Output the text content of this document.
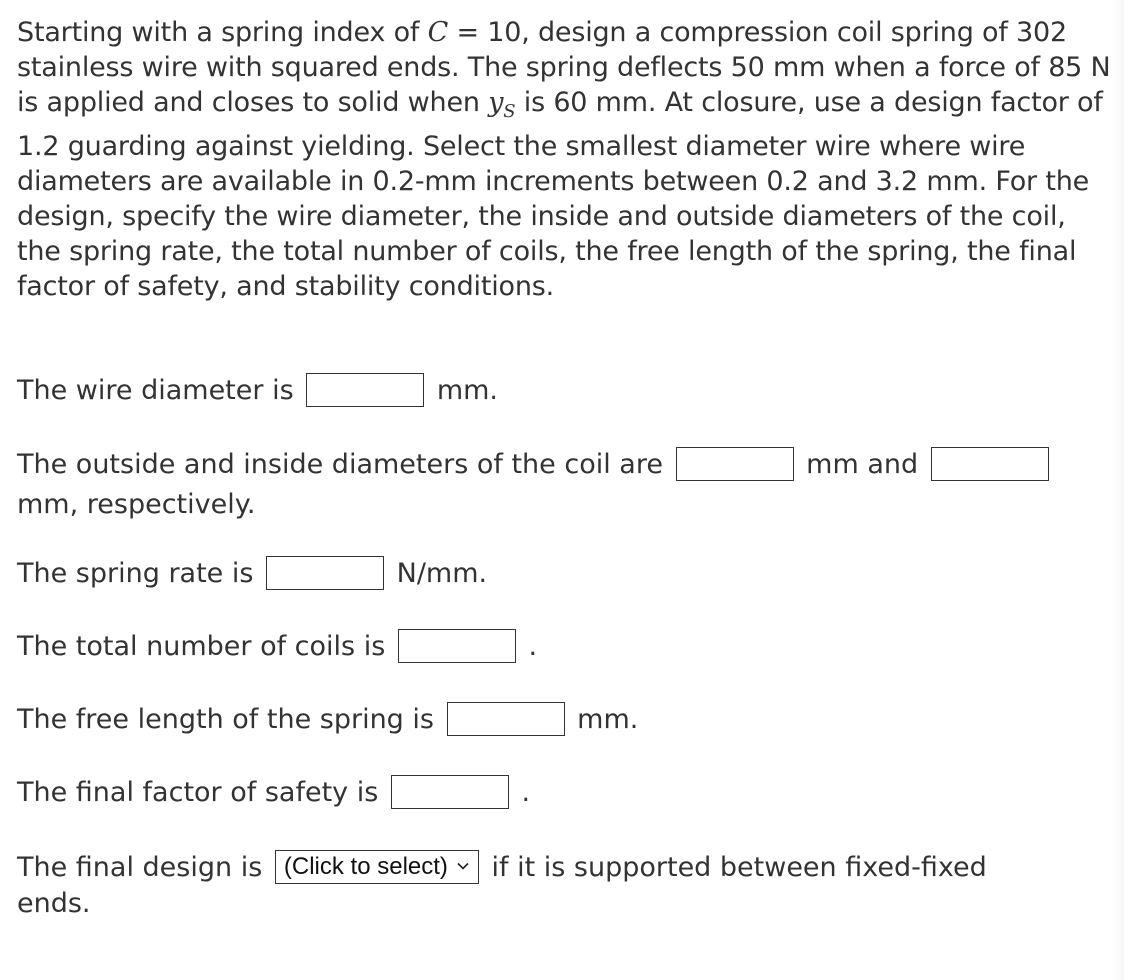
Starting with a spring index of C = 10, design a compression coil spring of 302 stainless wire with squared ends. The spring deflects 50 mm when a force of 85 N is applied and closes to solid when $y_S$ is 60 mm. At closure, use a design factor of 1.2 guarding against yielding. Select the smallest diameter wire where wire diameters are available in 0.2-mm increments between 0.2 and 3.2 mm. For the design, specify the wire diameter, the inside and outside diameters of the coil, the spring rate, the total number of coils, the free length of the spring, the final factor of safety, and stability conditions.

The wire diameter is	mm.
The outside and inside diameters of the coil are	mm and
mm, respectively.
The spring rate is	N/mm.
The total number of coils is	.
The free length of the spring is	mm.
The final factor of safety is	.
The final design is (Click to select) if it is supported between fixed-fixed
ends.
